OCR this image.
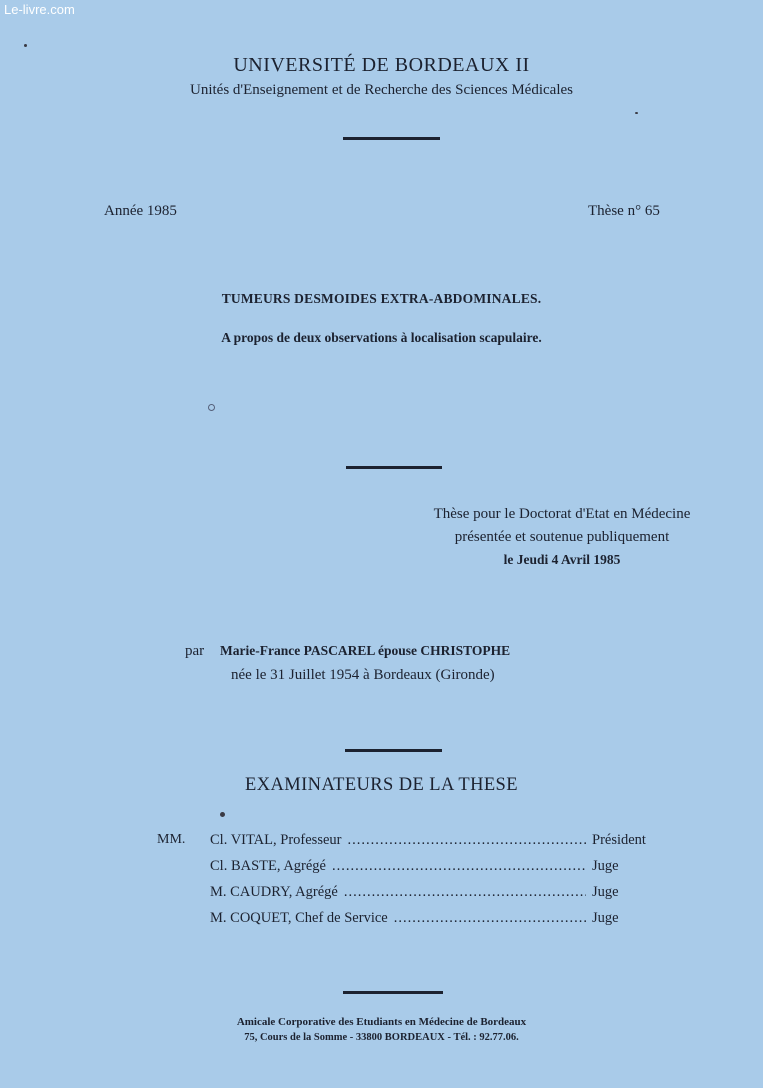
Le-livre.com
UNIVERSITÉ DE BORDEAUX II
Unités d'Enseignement et de Recherche des Sciences Médicales
Année 1985	Thèse n° 65
TUMEURS DESMOIDES EXTRA-ABDOMINALES.
A propos de deux observations à localisation scapulaire.
Thèse pour le Doctorat d'Etat en Médecine
présentée et soutenue publiquement
le Jeudi 4 Avril 1985
par Marie-France PASCAREL épouse CHRISTOPHE
née le 31 Juillet 1954 à Bordeaux (Gironde)
EXAMINATEURS DE LA THESE
MM. Cl. VITAL, Professeur .....	Président
Cl. BASTE, Agrégé .....	Juge
M. CAUDRY, Agrégé .....	Juge
M. COQUET, Chef de Service .....	Juge
Amicale Corporative des Etudiants en Médecine de Bordeaux
75, Cours de la Somme - 33800 BORDEAUX - Tél. : 92.77.06.
